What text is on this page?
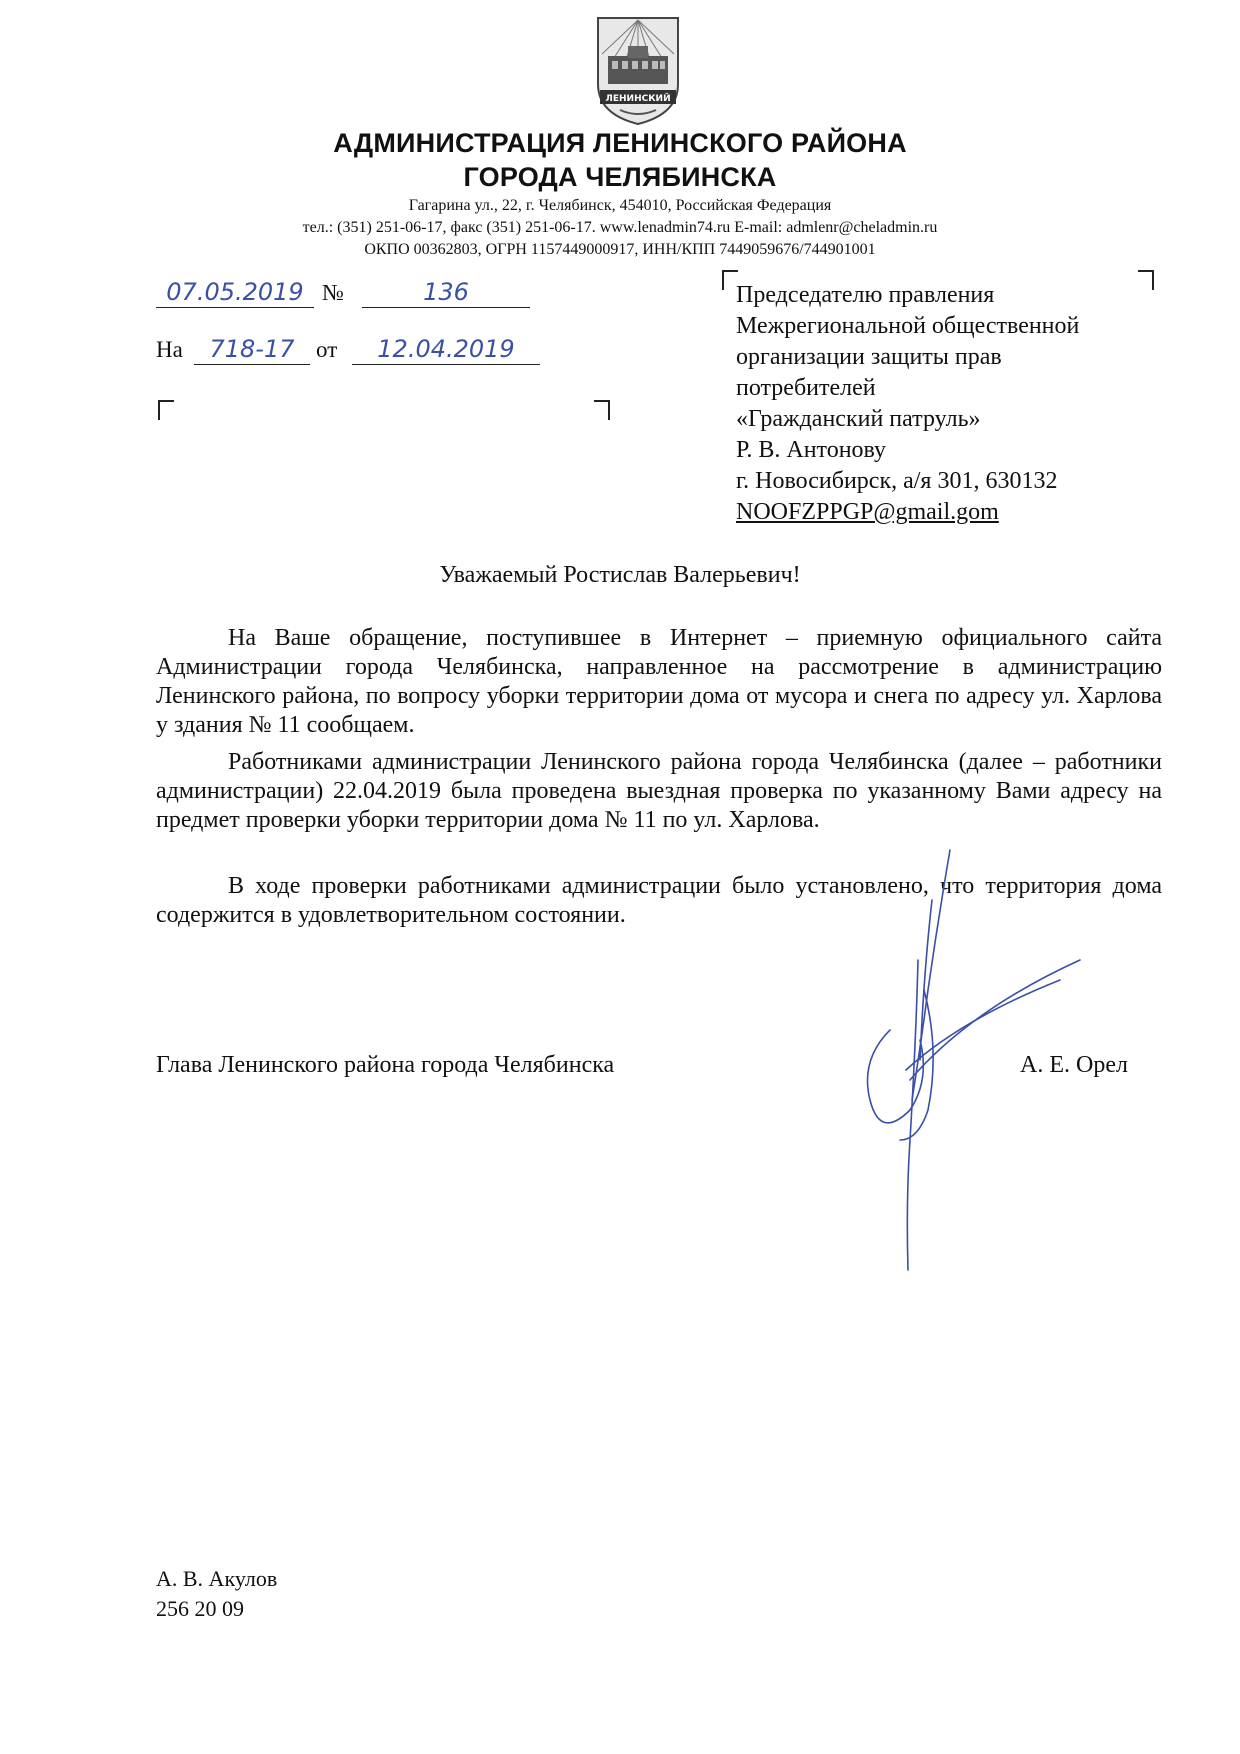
ЛЕНИНСКИЙ
АДМИНИСТРАЦИЯ ЛЕНИНСКОГО РАЙОНА
ГОРОДА ЧЕЛЯБИНСКА
Гагарина ул., 22, г. Челябинск, 454010, Российская Федерация
тел.: (351) 251-06-17, факс (351) 251-06-17. www.lenadmin74.ru E-mail: admlenr@cheladmin.ru
ОКПО 00362803, ОГРН 1157449000917, ИНН/КПП 7449059676/744901001
07.05.2019 №	136
На	718-17 от	12.04.2019
Председателю правления
Межрегиональной общественной
организации защиты прав
потребителей
«Гражданский патруль»
Р. В. Антонову
г. Новосибирск, а/я 301, 630132
NOOFZPPGP@gmail.gom
Уважаемый Ростислав Валерьевич!
На Ваше обращение, поступившее в Интернет – приемную официального сайта Администрации города Челябинска, направленное на рассмотрение в администрацию Ленинского района, по вопросу уборки территории дома от мусора и снега по адресу ул. Харлова у здания № 11 сообщаем.
Работниками администрации Ленинского района города Челябинска (далее – работники администрации) 22.04.2019 была проведена выездная проверка по указанному Вами адресу на предмет проверки уборки территории дома № 11 по ул. Харлова.
В ходе проверки работниками администрации было установлено, что территория дома содержится в удовлетворительном состоянии.
Глава Ленинского района города Челябинска	А. Е. Орел
А. В. Акулов
256 20 09
